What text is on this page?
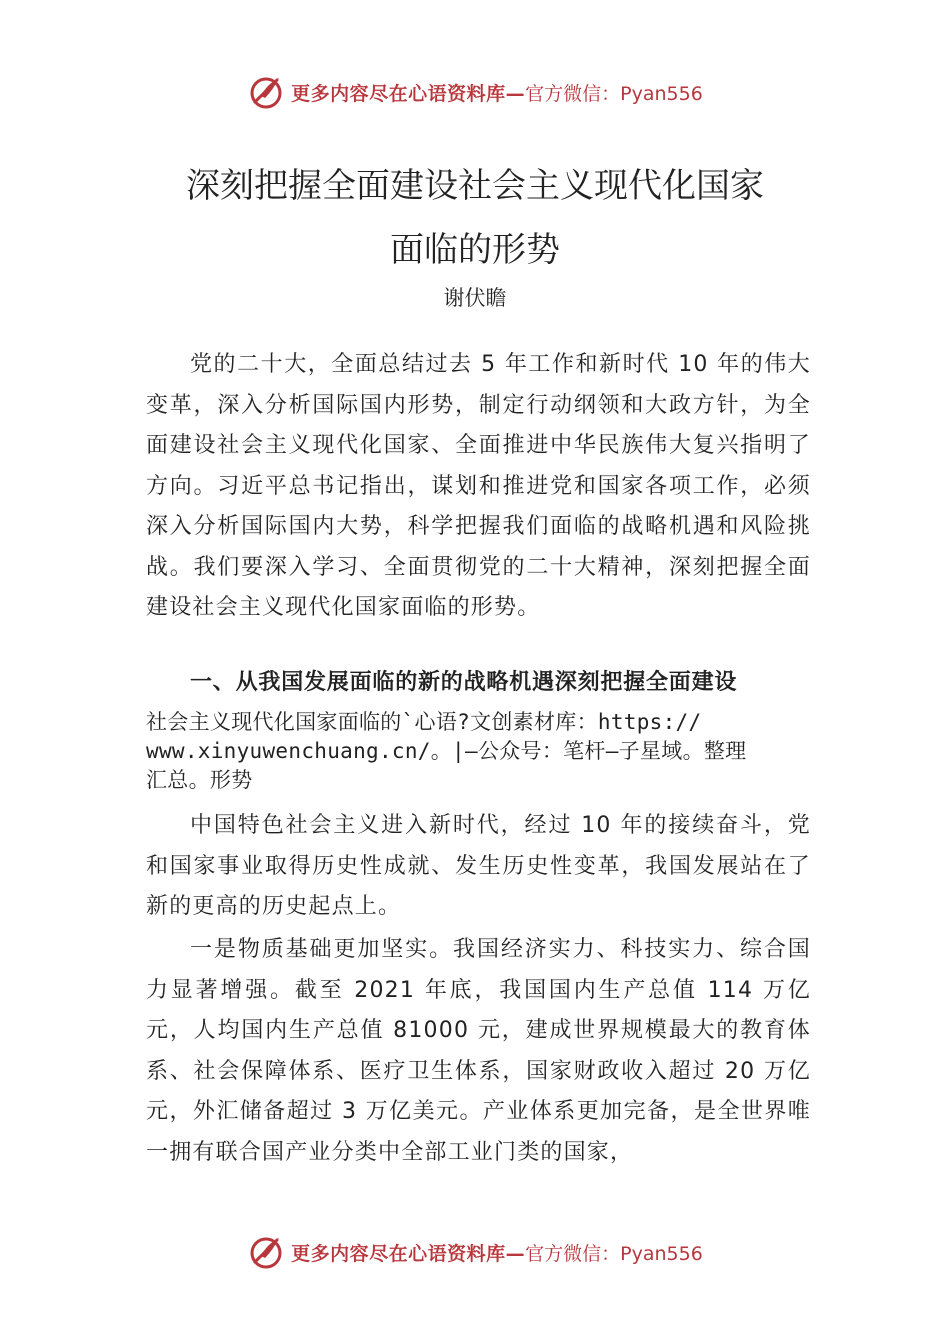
更多内容尽在心语资料库— 官方微信：Pyan556
深刻把握全面建设社会主义现代化国家
面临的形势
谢伏瞻
党的二十大，全面总结过去 5 年工作和新时代 10 年的伟大变革，深入分析国际国内形势，制定行动纲领和大政方针，为全面建设社会主义现代化国家、全面推进中华民族伟大复兴指明了方向。习近平总书记指出，谋划和推进党和国家各项工作，必须深入分析国际国内大势，科学把握我们面临的战略机遇和风险挑战。我们要深入学习、全面贯彻党的二十大精神，深刻把握全面建设社会主义现代化国家面临的形势。
一、从我国发展面临的新的战略机遇深刻把握全面建设
社会主义现代化国家面临的`心语?文创素材库：https://
www.xinyuwenchuang.cn/。|—公众号：笔杆—子星域。整理
汇总。形势
中国特色社会主义进入新时代，经过 10 年的接续奋斗，党和国家事业取得历史性成就、发生历史性变革，我国发展站在了新的更高的历史起点上。
一是物质基础更加坚实。我国经济实力、科技实力、综合国力显著增强。截至 2021 年底，我国国内生产总值 114 万亿元，人均国内生产总值 81000 元，建成世界规模最大的教育体系、社会保障体系、医疗卫生体系，国家财政收入超过 20 万亿元，外汇储备超过 3 万亿美元。产业体系更加完备，是全世界唯一拥有联合国产业分类中全部工业门类的国家，
更多内容尽在心语资料库— 官方微信：Pyan556
